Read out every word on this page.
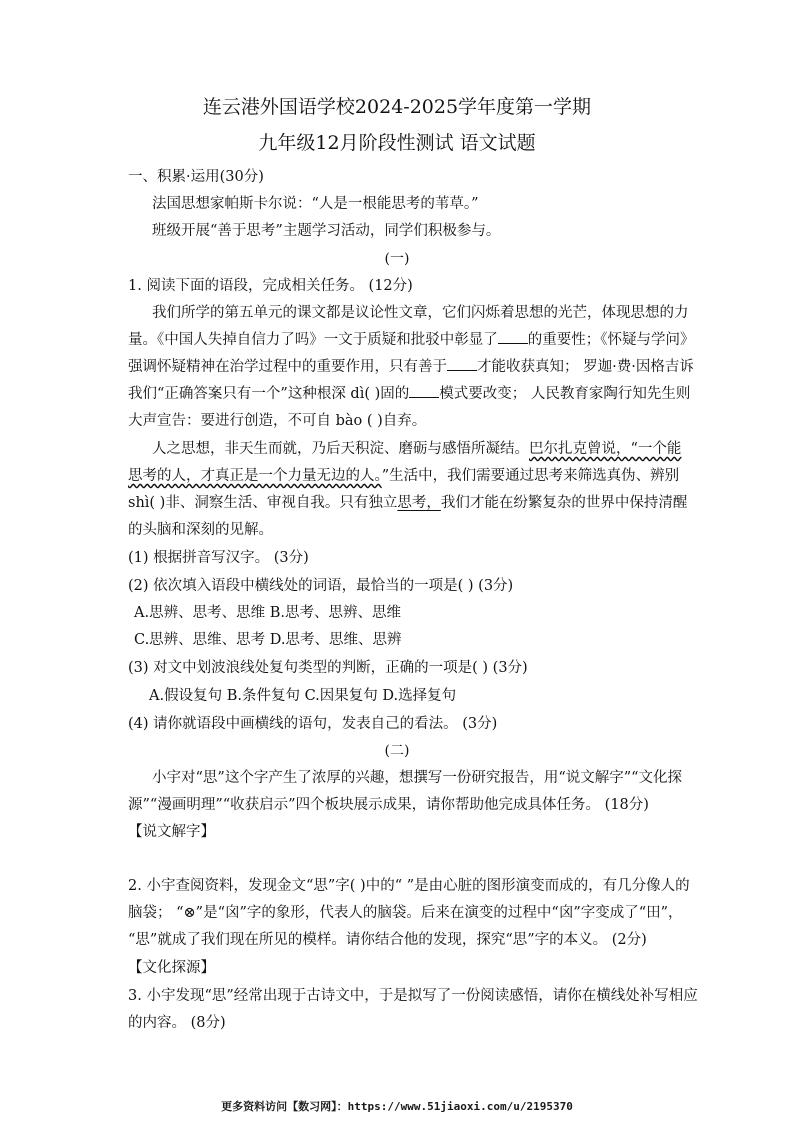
连云港外国语学校2024-2025学年度第一学期
九年级12月阶段性测试 语文试题
一、积累·运用(30分)
法国思想家帕斯卡尔说：“人是一根能思考的苇草。”
班级开展“善于思考”主题学习活动，同学们积极参与。
(一)
1. 阅读下面的语段，完成相关任务。 (12分)
我们所学的第五单元的课文都是议论性文章，它们闪烁着思想的光芒，体现思想的力
量。《中国人失掉自信力了吗》一文于质疑和批驳中彰显了 的重要性；《怀疑与学问》
强调怀疑精神在治学过程中的重要作用，只有善于 才能收获真知； 罗迦·费·因格吉诉
我们“正确答案只有一个”这种根深 dì( )固的 模式要改变； 人民教育家陶行知先生则
大声宣告：要进行创造，不可自 bào ( )自弃。
人之思想，非天生而就，乃后天积淀、磨砺与感悟所凝结。巴尔扎克曾说，“一个能
思考的人，才真正是一个力量无边的人。”生活中，我们需要通过思考来筛选真伪、辨别
shì( )非、洞察生活、审视自我。只有独立思考，我们才能在纷繁复杂的世界中保持清醒
的头脑和深刻的见解。
(1) 根据拼音写汉字。 (3分)
(2) 依次填入语段中横线处的词语，最恰当的一项是( ) (3分)
A.思辨、思考、思维 B.思考、思辨、思维
C.思辨、思维、思考 D.思考、思维、思辨
(3) 对文中划波浪线处复句类型的判断，正确的一项是( ) (3分)
A.假设复句 B.条件复句 C.因果复句 D.选择复句
(4) 请你就语段中画横线的语句，发表自己的看法。 (3分)
(二)
小宇对“思”这个字产生了浓厚的兴趣，想撰写一份研究报告，用“说文解字”“文化探
源”“漫画明理”“收获启示”四个板块展示成果，请你帮助他完成具体任务。 (18分)
【说文解字】
2. 小宇查阅资料，发现金文“思”字( )中的“ ”是由心脏的图形演变而成的，有几分像人的
脑袋； “⊗”是“囟”字的象形，代表人的脑袋。后来在演变的过程中“囟”字变成了“田”，
“思”就成了我们现在所见的模样。请你结合他的发现，探究“思”字的本义。 (2分)
【文化探源】
3. 小宇发现“思”经常出现于古诗文中，于是拟写了一份阅读感悟，请你在横线处补写相应
的内容。 (8分)
更多资料访问【数习网】：https://www.51jiaoxi.com/u/2195370
